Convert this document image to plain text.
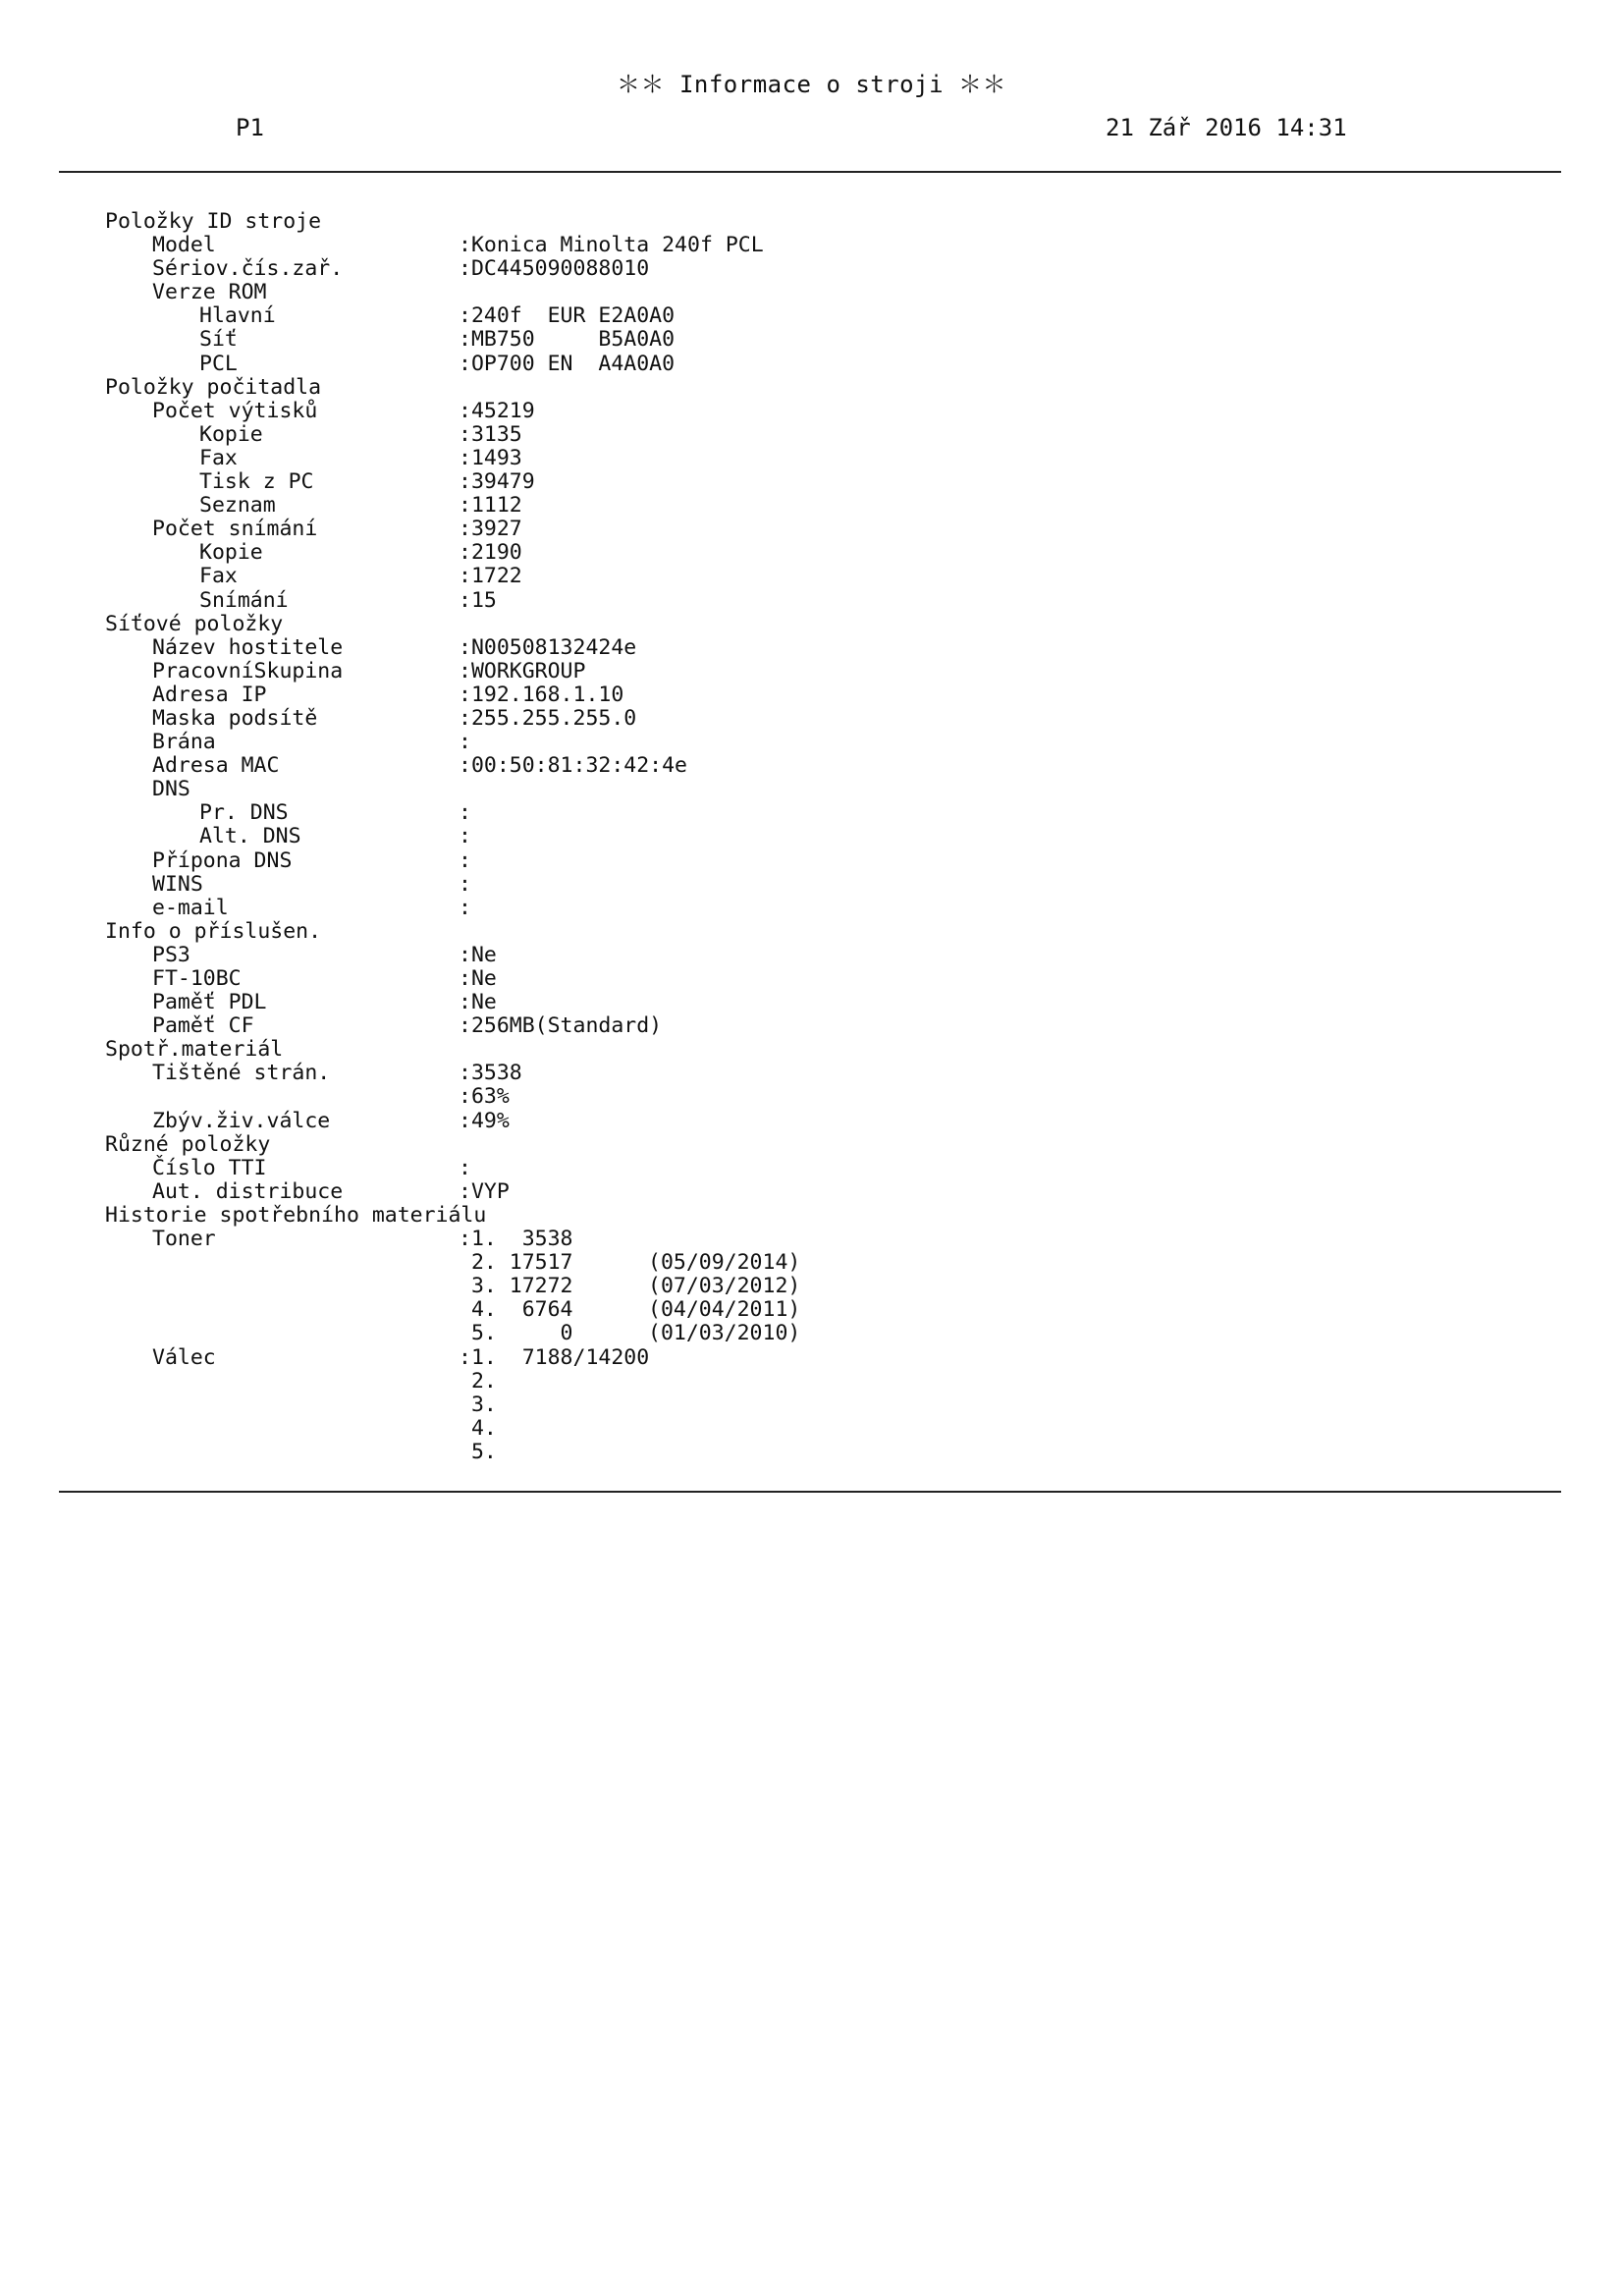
＊＊ Informace o stroji ＊＊
P1	21 Zář 2016 14:31
Položky ID stroje
Model	:Konica Minolta 240f PCL
Sériov.čís.zař.	:DC445090088010
Verze ROM
Hlavní	:240f  EUR E2A0A0
Síť	:MB750     B5A0A0
PCL	:OP700 EN  A4A0A0
Položky počitadla
Počet výtisků	:45219
Kopie	:3135
Fax	:1493
Tisk z PC	:39479
Seznam	:1112
Počet snímání	:3927
Kopie	:2190
Fax	:1722
Snímání	:15
Síťové položky
Název hostitele	:N00508132424e
PracovníSkupina	:WORKGROUP
Adresa IP	:192.168.1.10
Maska podsítě	:255.255.255.0
Brána	:
Adresa MAC	:00:50:81:32:42:4e
DNS
Pr. DNS	:
Alt. DNS	:
Přípona DNS	:
WINS	:
e-mail	:
Info o příslušen.
PS3	:Ne
FT-10BC	:Ne
Paměť PDL	:Ne
Paměť CF	:256MB(Standard)
Spotř.materiál
Tištěné strán.	:3538
:63%
Zbýv.živ.válce	:49%
Různé položky
Číslo TTI	:
Aut. distribuce	:VYP
Historie spotřebního materiálu
Toner	:1.  3538
2. 17517	(05/09/2014)
3. 17272	(07/03/2012)
4.  6764	(04/04/2011)
5.     0	(01/03/2010)
Válec	:1.  7188/14200
2.
3.
4.
5.
